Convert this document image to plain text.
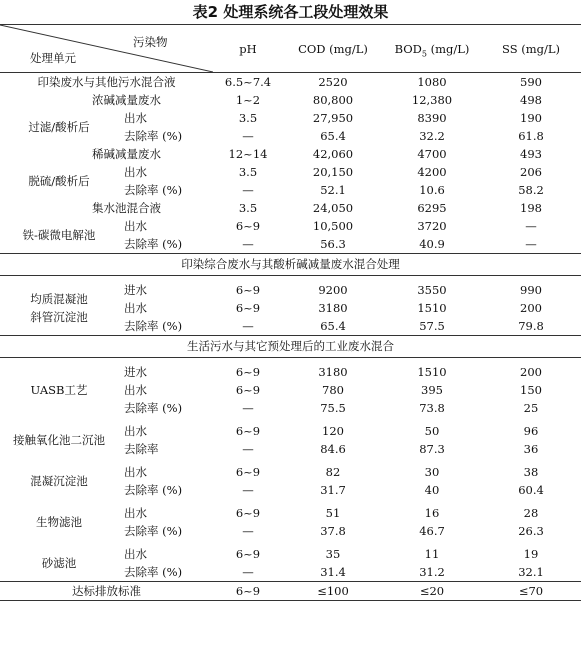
表2 处理系统各工段处理效果
污染物
处理单元		pH	COD (mg/L)	$BOD_5$ (mg/L)	SS (mg/L)
印染废水与其他污水混合液		6.5~7.4	2520	1080	590
浓碱减量废水		1~2	80,800	12,380	498
过滤/酸析后	出水	3.5	27,950	8390	190
	去除率 (%)	—	65.4	32.2	61.8
稀碱减量废水		12~14	42,060	4700	493
脱硫/酸析后	出水	3.5	20,150	4200	206
	去除率 (%)	—	52.1	10.6	58.2
集水池混合液		3.5	24,050	6295	198
铁-碳微电解池	出水	6~9	10,500	3720	—
	去除率 (%)	—	56.3	40.9	—
印染综合废水与其酸析碱减量废水混合处理					

均质混凝池
斜管沉淀池	进水	6~9	9200	3550	990
	出水	6~9	3180	1510	200
	去除率 (%)	—	65.4	57.5	79.8
生活污水与其它预处理后的工业废水混合					

UASB工艺	进水	6~9	3180	1510	200
	出水	6~9	780	395	150
	去除率 (%)	—	75.5	73.8	25

接触氧化池二沉池	出水	6~9	120	50	96
	去除率	—	84.6	87.3	36

混凝沉淀池	出水	6~9	82	30	38
	去除率 (%)	—	31.7	40	60.4

生物滤池	出水	6~9	51	16	28
	去除率 (%)	—	37.8	46.7	26.3

砂滤池	出水	6~9	35	11	19
	去除率 (%)	—	31.4	31.2	32.1
达标排放标准		6~9	≤100	≤20	≤70
